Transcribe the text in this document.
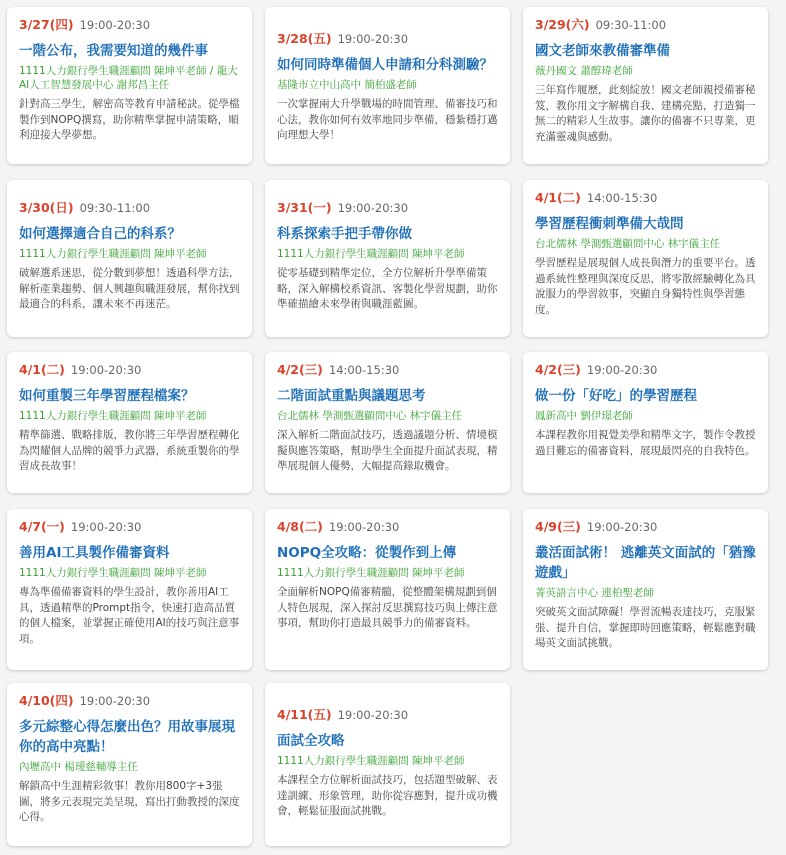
3/27(四) 19:00-20:30
一階公布，我需要知道的幾件事
1111人力銀行學生職涯顧問 陳坤平老師 / 龍大AI人工智慧發展中心 謝邦昌主任
針對高三學生，解密高等教育申請秘訣。從學檔製作到NOPQ撰寫，助你精準掌握申請策略，順利迎接大學夢想。
3/28(五) 19:00-20:30
如何同時準備個人申請和分科測驗？
基隆市立中山高中 簡柏盛老師
一次掌握兩大升學戰場的時間管理、備審技巧和心法，教你如何有效率地同步準備，穩紮穩打邁向理想大學！
3/29(六) 09:30-11:00
國文老師來教備審準備
薇丹國文 蕭醇瑋老師
三年寫作履歷，此刻綻放！國文老師親授備審秘笈，教你用文字解構自我、建構亮點，打造獨一無二的精彩人生故事。讓你的備審不只専業，更充滿靈魂與感動。
3/30(日) 09:30-11:00
如何選擇適合自己的科系？
1111人力銀行學生職涯顧問 陳坤平老師
破解選系迷思，從分數到夢想！透過科學方法，解析產業趨勢、個人興趣與職涯發展，幫你找到最適合的科系，讓未來不再迷茫。
3/31(一) 19:00-20:30
科系探索手把手帶你做
1111人力銀行學生職涯顧問 陳坤平老師
從零基礎到精準定位，全方位解析升學準備策略，深入解構校系資訊、客製化學習規劃，助你準確描繪未來學術與職涯藍圖。
4/1(二) 14:00-15:30
學習歷程衝刺準備大哉問
台北儒林 學測甄選顧問中心 林宇儀主任
學習歷程是展現個人成長與潛力的重要平台。透過系統性整理與深度反思，將零散經驗轉化為具說服力的學習敘事，突顯自身獨特性與學習態度。
4/1(二) 19:00-20:30
如何重製三年學習歷程檔案？
1111人力銀行學生職涯顧問 陳坤平老師
精準篩選、戰略排版，教你將三年學習歷程轉化為閃耀個人品牌的競爭力武器，系統重製你的學習成長故事！
4/2(三) 14:00-15:30
二階面試重點與議題思考
台北儒林 學測甄選顧問中心 林宇儀主任
深入解析二階面試技巧，透過議題分析、情境模擬與應答策略，幫助學生全面提升面試表現，精準展現個人優勢，大幅提高錄取機會。
4/2(三) 19:00-20:30
做一份「好吃」的學習歷程
鳳新高中 劉伊璟老師
本課程教你用視覺美學和精準文字，製作令教授過目難忘的備審資料，展現最閃亮的自我特色。
4/7(一) 19:00-20:30
善用AI工具製作備審資料
1111人力銀行學生職涯顧問 陳坤平老師
專為準備備審資料的學生設計，教你善用AI工具，透過精準的Prompt指令，快速打造高品質的個人檔案，並掌握正確使用AI的技巧與注意事項。
4/8(二) 19:00-20:30
NOPQ全攻略：從製作到上傳
1111人力銀行學生職涯顧問 陳坤平老師
全面解析NOPQ備審精髓，從整體架構規劃到個人特色展現，深入探討反思撰寫技巧與上傳注意事項，幫助你打造最具競爭力的備審資料。
4/9(三) 19:00-20:30
叢活面試術！ 逃離英文面試的「猶豫遊戲」
菁英語言中心 連柏聖老師
突破英文面試障礙！學習流暢表達技巧，克服緊張、提升自信，掌握即時回應策略，輕鬆應對職場英文面試挑戰。
4/10(四) 19:00-20:30
多元綜整心得怎麼出色？用故事展現你的高中亮點！
內壢高中 楊璦慈輔導主任
解鎖高中生涯精彩敘事！教你用800字+3張圖，將多元表現完美呈現，寫出打動教授的深度心得。
4/11(五) 19:00-20:30
面試全攻略
1111人力銀行學生職涯顧問 陳坤平老師
本課程全方位解析面試技巧，包括題型破解、表達訓練、形象管理，助你從容應對，提升成功機會，輕鬆征服面試挑戰。
